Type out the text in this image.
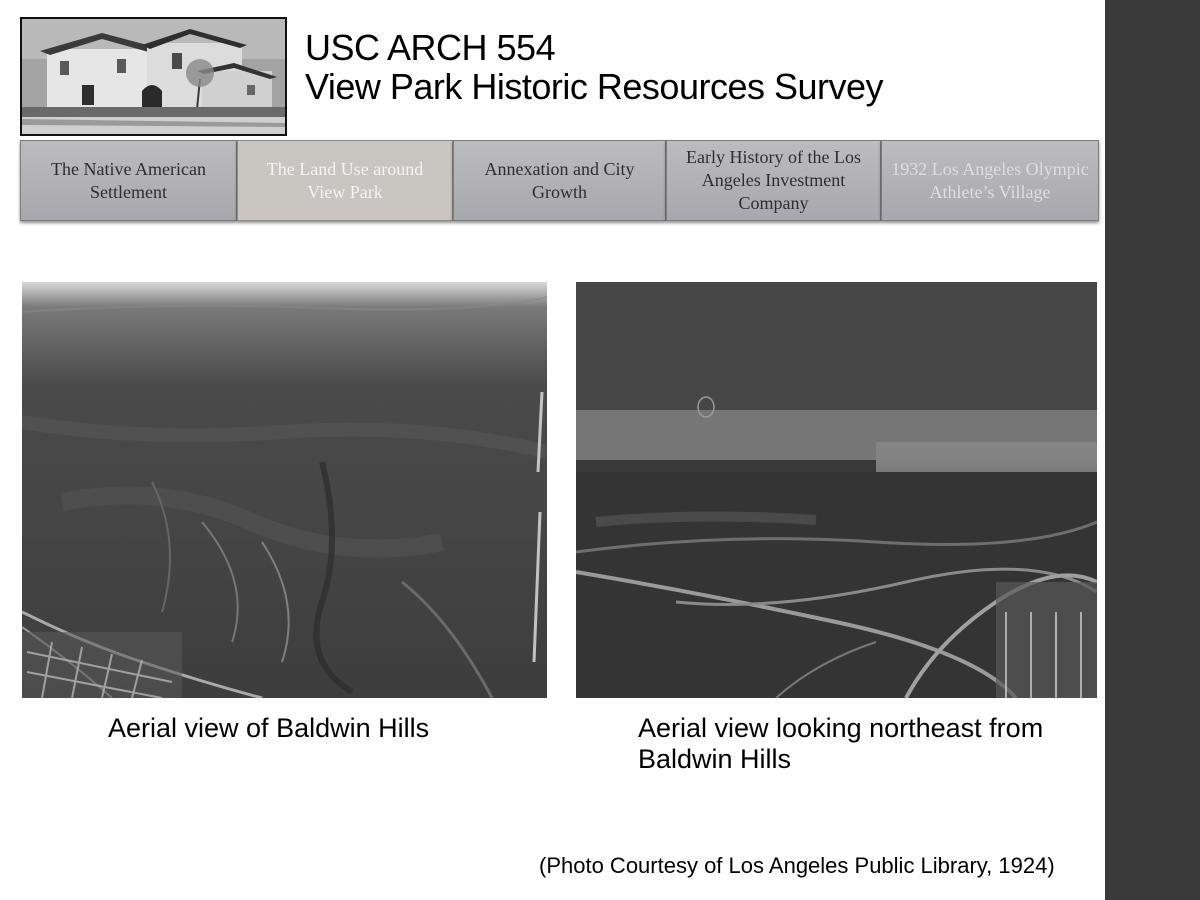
USC ARCH 554
View Park Historic Resources Survey
The Native American Settlement
The Land Use around View Park
Annexation and City Growth
Early History of the Los Angeles Investment Company
1932 Los Angeles Olympic Athlete’s Village
Aerial view of Baldwin Hills	Aerial view looking northeast from Baldwin Hills
(Photo Courtesy of Los Angeles Public Library, 1924)
